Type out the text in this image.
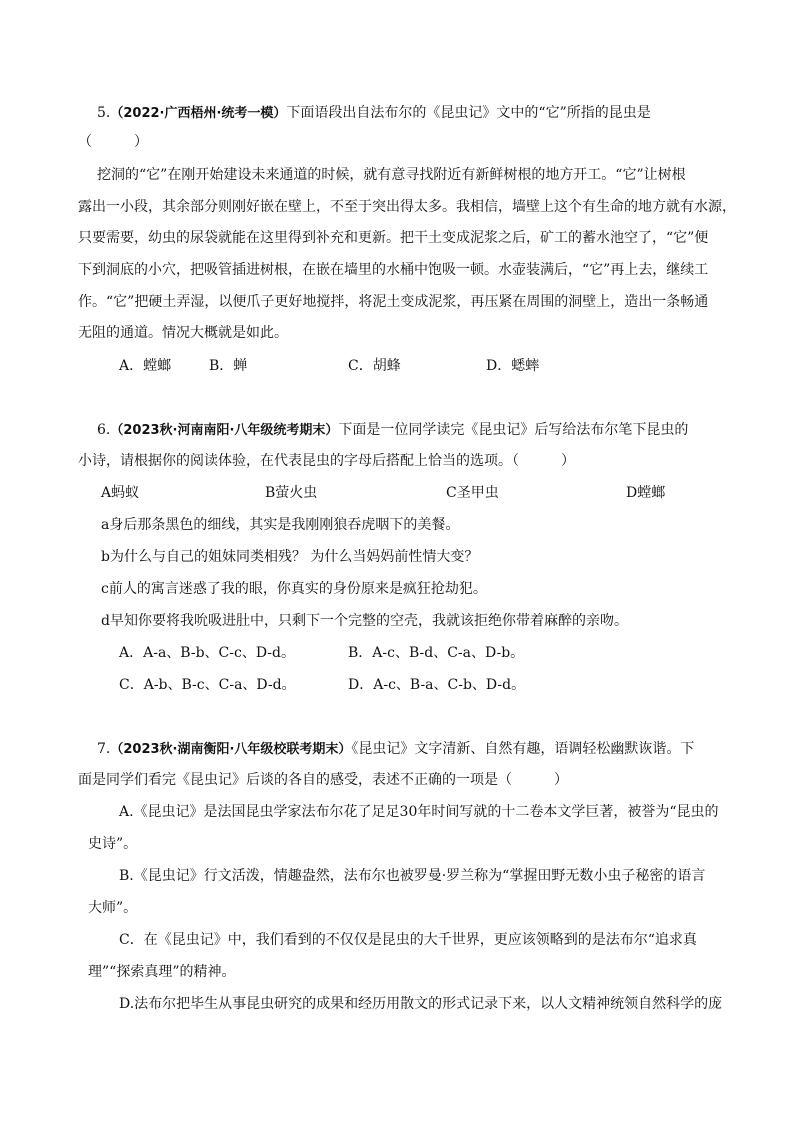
5.（2022·广西梧州·统考一模）下面语段出自法布尔的《昆虫记》文中的“它”所指的昆虫是
（　　　）
挖洞的“它”在刚开始建设未来通道的时候，就有意寻找附近有新鲜树根的地方开工。“它”让树根
露出一小段，其余部分则刚好嵌在壁上，不至于突出得太多。我相信，墙壁上这个有生命的地方就有水源，
只要需要，幼虫的尿袋就能在这里得到补充和更新。把干土变成泥浆之后，矿工的蓄水池空了，“它”便
下到洞底的小穴，把吸管插进树根，在嵌在墙里的水桶中饱吸一顿。水壶装满后，“它”再上去，继续工
作。“它”把硬土弄湿，以便爪子更好地搅拌，将泥土变成泥浆，再压紧在周围的洞壁上，造出一条畅通
无阻的通道。情况大概就是如此。
A．螳螂	B．蝉	C．胡蜂	D．蟋蟀
6.（2023秋·河南南阳·八年级统考期末）下面是一位同学读完《昆虫记》后写给法布尔笔下昆虫的
小诗，请根据你的阅读体验，在代表昆虫的字母后搭配上恰当的选项。（　　　）
A蚂蚁	B萤火虫	C圣甲虫	D螳螂
a身后那条黑色的细线，其实是我刚刚狼吞虎咽下的美餐。
b为什么与自己的姐妹同类相残？ 为什么当妈妈前性情大变？
c前人的寓言迷惑了我的眼，你真实的身份原来是疯狂抢劫犯。
d早知你要将我吮吸进肚中，只剩下一个完整的空壳，我就该拒绝你带着麻醉的亲吻。
A．A-a、B-b、C-c、D-d。	B．A-c、B-d、C-a、D-b。
C．A-b、B-c、C-a、D-d。	D．A-c、B-a、C-b、D-d。
7.（2023秋·湖南衡阳·八年级校联考期末）《昆虫记》文字清新、自然有趣，语调轻松幽默诙谐。下
面是同学们看完《昆虫记》后谈的各自的感受，表述不正确的一项是（　　　）
A.《昆虫记》是法国昆虫学家法布尔花了足足30年时间写就的十二卷本文学巨著，被誉为“昆虫的
史诗”。
B.《昆虫记》行文活泼，情趣盎然，法布尔也被罗曼·罗兰称为“掌握田野无数小虫子秘密的语言
大师”。
C．在《昆虫记》中，我们看到的不仅仅是昆虫的大千世界，更应该领略到的是法布尔“追求真
理”“探索真理”的精神。
D.法布尔把毕生从事昆虫研究的成果和经历用散文的形式记录下来，以人文精神统领自然科学的庞
